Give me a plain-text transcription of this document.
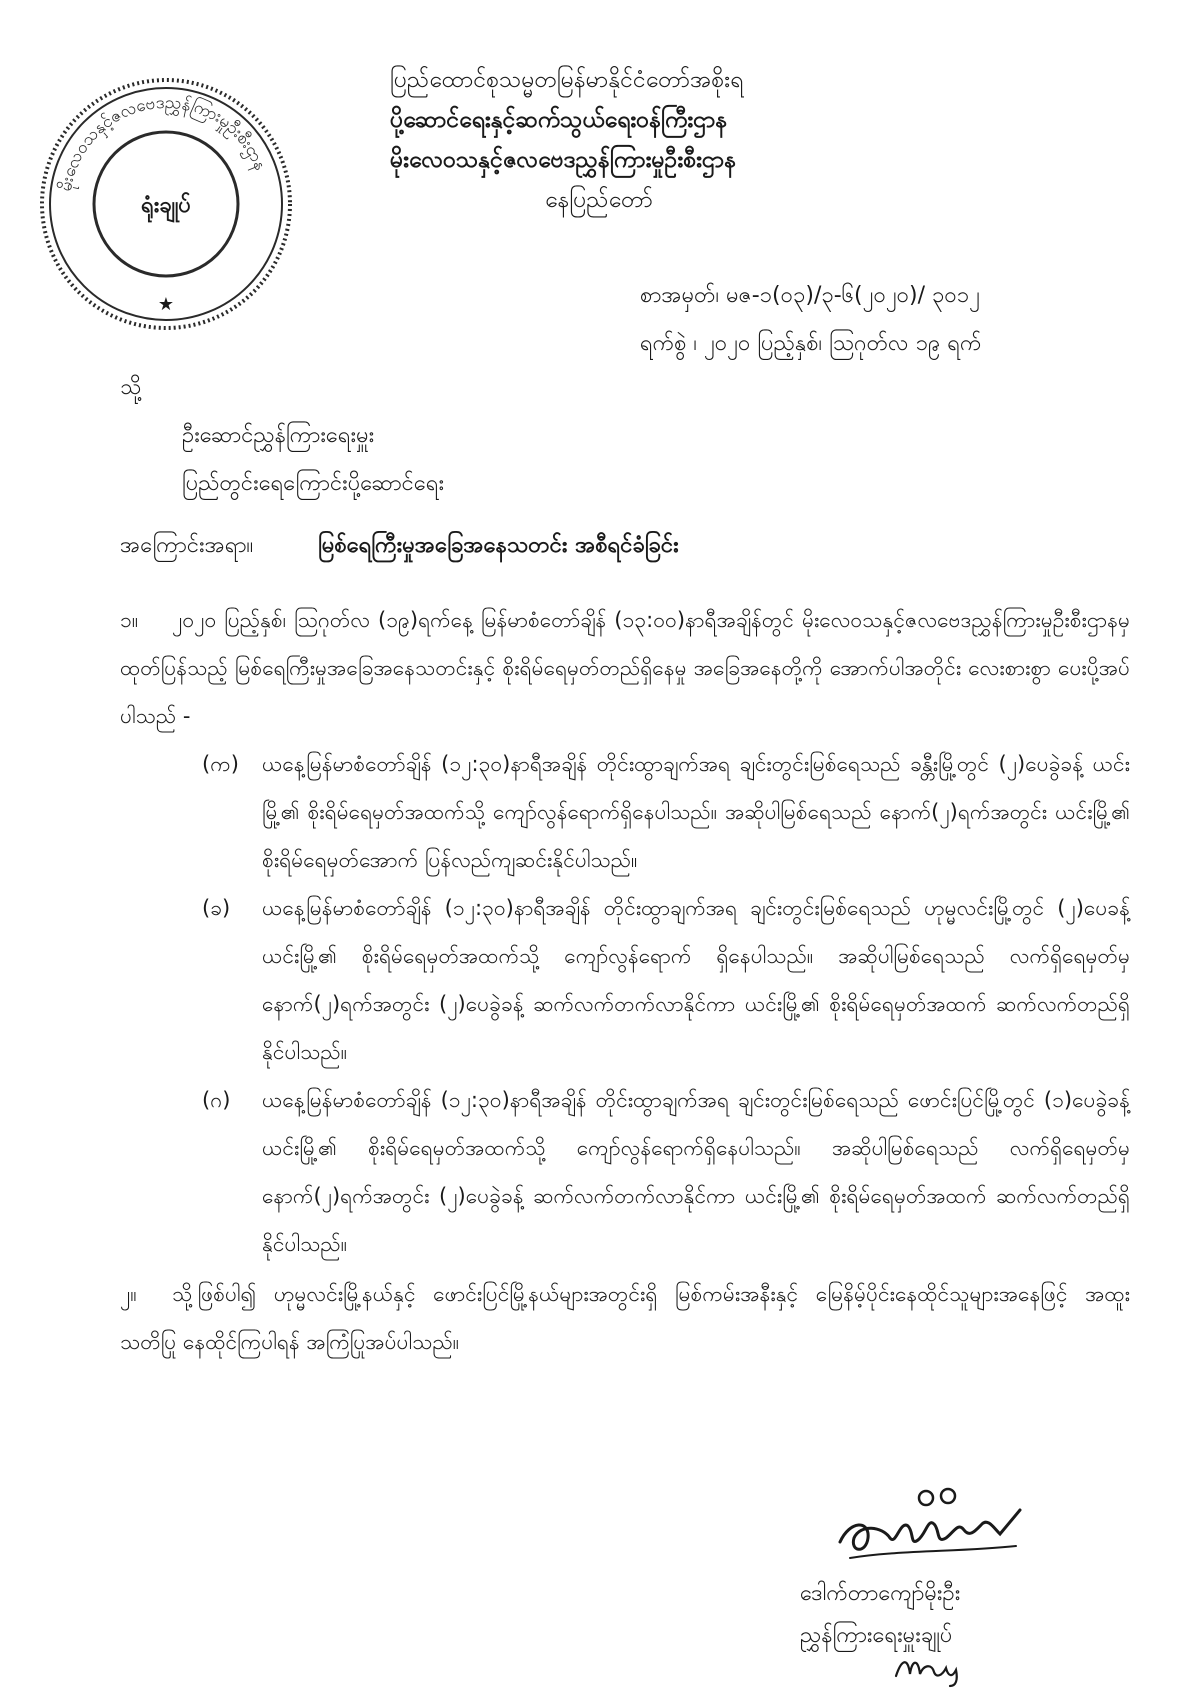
မိုးလေဝသနှင့်ဇလဗေဒညွှန်ကြားမှုဦးစီးဌာန
ရုံးချုပ်
★
ပြည်ထောင်စုသမ္မတမြန်မာနိုင်ငံတော်အစိုးရ
ပို့ဆောင်ရေးနှင့်ဆက်သွယ်ရေးဝန်ကြီးဌာန
မိုးလေဝသနှင့်ဇလဗေဒညွှန်ကြားမှုဦးစီးဌာန
နေပြည်တော်
စာအမှတ်၊ မဇ-၁(၀၃)/၃-၆(၂၀၂၀)/ ၃၀၁၂
ရက်စွဲ ၊ ၂၀၂၀ ပြည့်နှစ်၊ ဩဂုတ်လ ၁၉ ရက်
သို့
ဦးဆောင်ညွှန်ကြားရေးမှူး
ပြည်တွင်းရေကြောင်းပို့ဆောင်ရေး
အကြောင်းအရာ။	မြစ်ရေကြီးမှုအခြေအနေသတင်း အစီရင်ခံခြင်း
၁။ ၂၀၂၀ ပြည့်နှစ်၊ ဩဂုတ်လ (၁၉)ရက်နေ့ မြန်မာစံတော်ချိန် (၁၃:၀၀)နာရီအချိန်တွင် မိုးလေဝသနှင့်ဇလဗေဒညွှန်ကြားမှုဦးစီးဌာနမှ ထုတ်ပြန်သည့် မြစ်ရေကြီးမှုအခြေအနေသတင်းနှင့် စိုးရိမ်ရေမှတ်တည်ရှိနေမှု အခြေအနေတို့ကို အောက်ပါအတိုင်း လေးစားစွာ ပေးပို့အပ်ပါသည် -
(က)	ယနေ့မြန်မာစံတော်ချိန် (၁၂:၃၀)နာရီအချိန် တိုင်းထွာချက်အရ ချင်းတွင်းမြစ်ရေသည် ခန္တီးမြို့တွင် (၂)ပေခွဲခန့် ယင်းမြို့၏ စိုးရိမ်ရေမှတ်အထက်သို့ ကျော်လွန်ရောက်ရှိနေပါသည်။ အဆိုပါမြစ်ရေသည် နောက်(၂)ရက်အတွင်း ယင်းမြို့၏ စိုးရိမ်ရေမှတ်အောက် ပြန်လည်ကျဆင်းနိုင်ပါသည်။
(ခ)	ယနေ့မြန်မာစံတော်ချိန် (၁၂:၃၀)နာရီအချိန် တိုင်းထွာချက်အရ ချင်းတွင်းမြစ်ရေသည် ဟုမ္မလင်းမြို့တွင် (၂)ပေခန့် ယင်းမြို့၏ စိုးရိမ်ရေမှတ်အထက်သို့ ကျော်လွန်ရောက် ရှိနေပါသည်။ အဆိုပါမြစ်ရေသည် လက်ရှိရေမှတ်မှ နောက်(၂)ရက်အတွင်း (၂)ပေခွဲခန့် ဆက်လက်တက်လာနိုင်ကာ ယင်းမြို့၏ စိုးရိမ်ရေမှတ်အထက် ဆက်လက်တည်ရှိနိုင်ပါသည်။
(ဂ)	ယနေ့မြန်မာစံတော်ချိန် (၁၂:၃၀)နာရီအချိန် တိုင်းထွာချက်အရ ချင်းတွင်းမြစ်ရေသည် ဖောင်းပြင်မြို့တွင် (၁)ပေခွဲခန့် ယင်းမြို့၏ စိုးရိမ်ရေမှတ်အထက်သို့ ကျော်လွန်ရောက်ရှိနေပါသည်။ အဆိုပါမြစ်ရေသည် လက်ရှိရေမှတ်မှ နောက်(၂)ရက်အတွင်း (၂)ပေခွဲခန့် ဆက်လက်တက်လာနိုင်ကာ ယင်းမြို့၏ စိုးရိမ်ရေမှတ်အထက် ဆက်လက်တည်ရှိနိုင်ပါသည်။
၂။ သို့ဖြစ်ပါ၍ ဟုမ္မလင်းမြို့နယ်နှင့် ဖောင်းပြင်မြို့နယ်များအတွင်းရှိ မြစ်ကမ်းအနီးနှင့် မြေနိမ့်ပိုင်းနေထိုင်သူများအနေဖြင့် အထူးသတိပြု နေထိုင်ကြပါရန် အကြံပြုအပ်ပါသည်။
ဒေါက်တာကျော်မိုးဦး
ညွှန်ကြားရေးမှူးချုပ်
